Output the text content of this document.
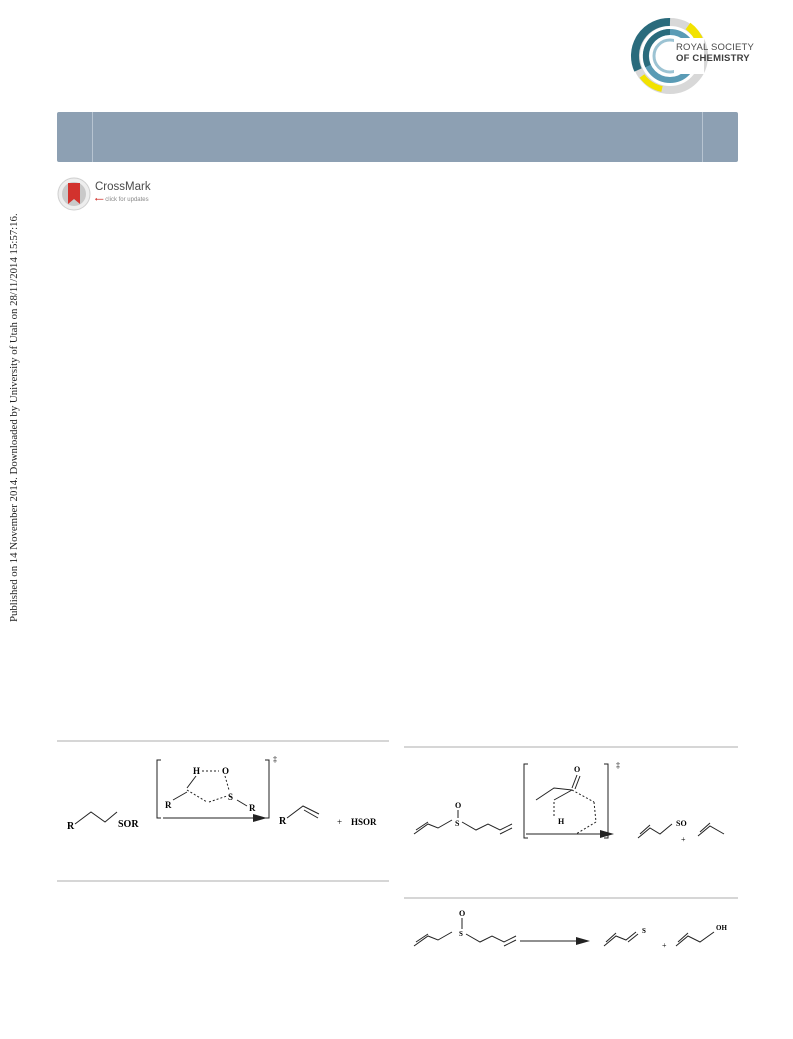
Published on 14 November 2014. Downloaded by University of Utah on 28/11/2014 15:57:16.
ROYAL SOCIETY
OF CHEMISTRY
CrossMark
⟵ click for updates
R	SOR
‡
H O
S
R	R
R	+ HSOR	S
O
‡
O
H	SO
+
S
O
S
+
OH
